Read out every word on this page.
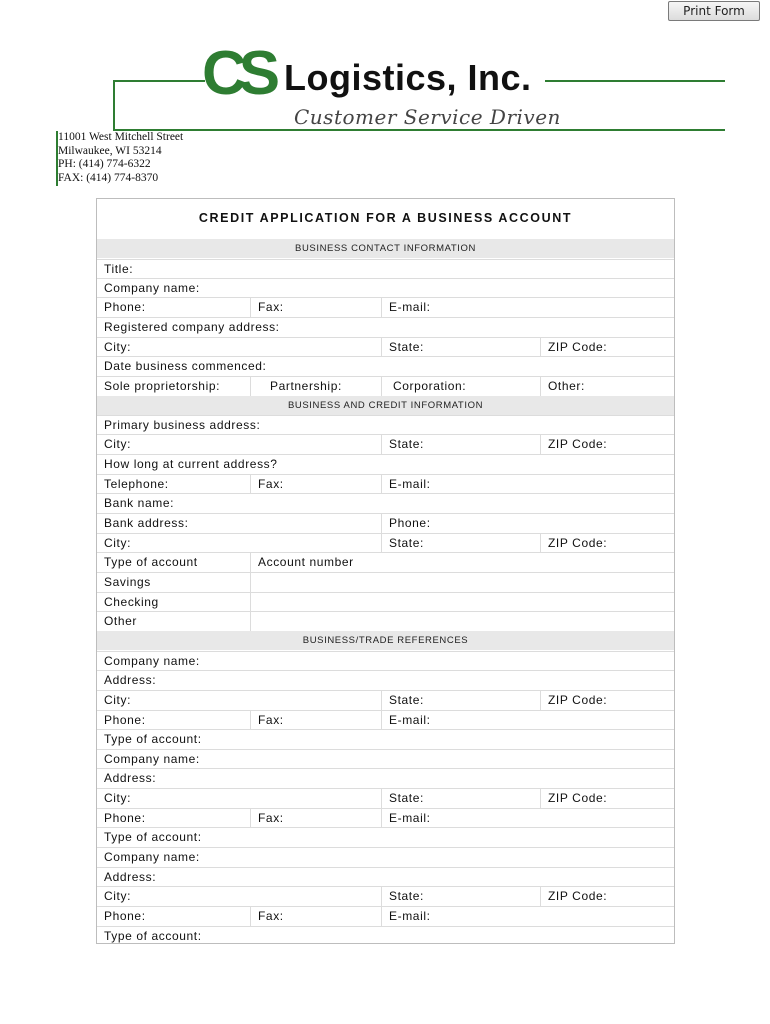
Print Form
CS Logistics, Inc.
Customer Service Driven
11001 West Mitchell Street
Milwaukee, WI 53214
PH: (414) 774-6322
FAX: (414) 774-8370
CREDIT APPLICATION FOR A BUSINESS ACCOUNT
BUSINESS CONTACT INFORMATION
Title:
Company name:
Phone:	Fax:	E-mail:
Registered company address:
City:	State:	ZIP Code:
Date business commenced:
Sole proprietorship:	Partnership:	Corporation:	Other:
BUSINESS AND CREDIT INFORMATION
Primary business address:
City:	State:	ZIP Code:
How long at current address?
Telephone:	Fax:	E-mail:
Bank name:
Bank address:	Phone:
City:	State:	ZIP Code:
Type of account	Account number
Savings
Checking
Other
BUSINESS/TRADE REFERENCES
Company name:
Address:
City:	State:	ZIP Code:
Phone:	Fax:	E-mail:
Type of account:
Company name:
Address:
City:	State:	ZIP Code:
Phone:	Fax:	E-mail:
Type of account:
Company name:
Address:
City:	State:	ZIP Code:
Phone:	Fax:	E-mail:
Type of account:
